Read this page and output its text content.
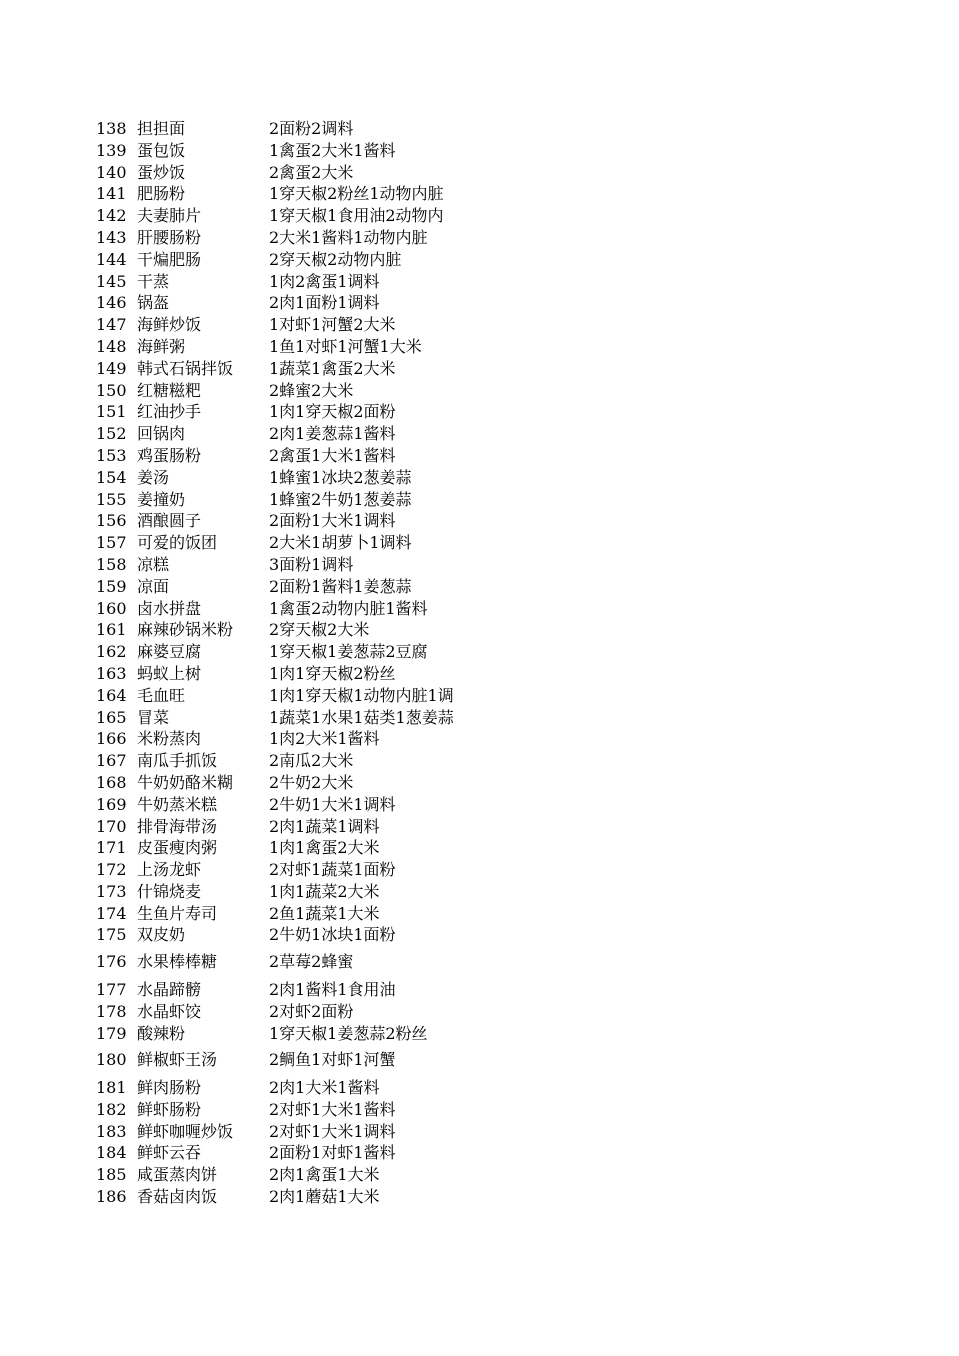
138 担担面	2面粉2调料
139 蛋包饭	1禽蛋2大米1酱料
140 蛋炒饭	2禽蛋2大米
141 肥肠粉	1穿天椒2粉丝1动物内脏
142 夫妻肺片	1穿天椒1食用油2动物内
143 肝腰肠粉	2大米1酱料1动物内脏
144 干煸肥肠	2穿天椒2动物内脏
145 干蒸	1肉2禽蛋1调料
146 锅盔	2肉1面粉1调料
147 海鲜炒饭	1对虾1河蟹2大米
148 海鲜粥	1鱼1对虾1河蟹1大米
149 韩式石锅拌饭 1蔬菜1禽蛋2大米
150 红糖糍粑	2蜂蜜2大米
151 红油抄手	1肉1穿天椒2面粉
152 回锅肉	2肉1姜葱蒜1酱料
153 鸡蛋肠粉	2禽蛋1大米1酱料
154 姜汤	1蜂蜜1冰块2葱姜蒜
155 姜撞奶	1蜂蜜2牛奶1葱姜蒜
156 酒酿圆子	2面粉1大米1调料
157 可爱的饭团	2大米1胡萝卜1调料
158 凉糕	3面粉1调料
159 凉面	2面粉1酱料1姜葱蒜
160 卤水拼盘	1禽蛋2动物内脏1酱料
161 麻辣砂锅米粉 2穿天椒2大米
162 麻婆豆腐	1穿天椒1姜葱蒜2豆腐
163 蚂蚁上树	1肉1穿天椒2粉丝
164 毛血旺	1肉1穿天椒1动物内脏1调
165 冒菜	1蔬菜1水果1菇类1葱姜蒜
166 米粉蒸肉	1肉2大米1酱料
167 南瓜手抓饭	2南瓜2大米
168 牛奶奶酪米糊 2牛奶2大米
169 牛奶蒸米糕	2牛奶1大米1调料
170 排骨海带汤	2肉1蔬菜1调料
171 皮蛋瘦肉粥	1肉1禽蛋2大米
172 上汤龙虾	2对虾1蔬菜1面粉
173 什锦烧麦	1肉1蔬菜2大米
174 生鱼片寿司	2鱼1蔬菜1大米
175 双皮奶	2牛奶1冰块1面粉
176 水果棒棒糖	2草莓2蜂蜜
177 水晶蹄髈	2肉1酱料1食用油
178 水晶虾饺	2对虾2面粉
179 酸辣粉	1穿天椒1姜葱蒜2粉丝
180 鲜椒虾王汤	2鲷鱼1对虾1河蟹
181 鲜肉肠粉	2肉1大米1酱料
182 鲜虾肠粉	2对虾1大米1酱料
183 鲜虾咖喱炒饭 2对虾1大米1调料
184 鲜虾云吞	2面粉1对虾1酱料
185 咸蛋蒸肉饼	2肉1禽蛋1大米
186 香菇卤肉饭	2肉1蘑菇1大米
